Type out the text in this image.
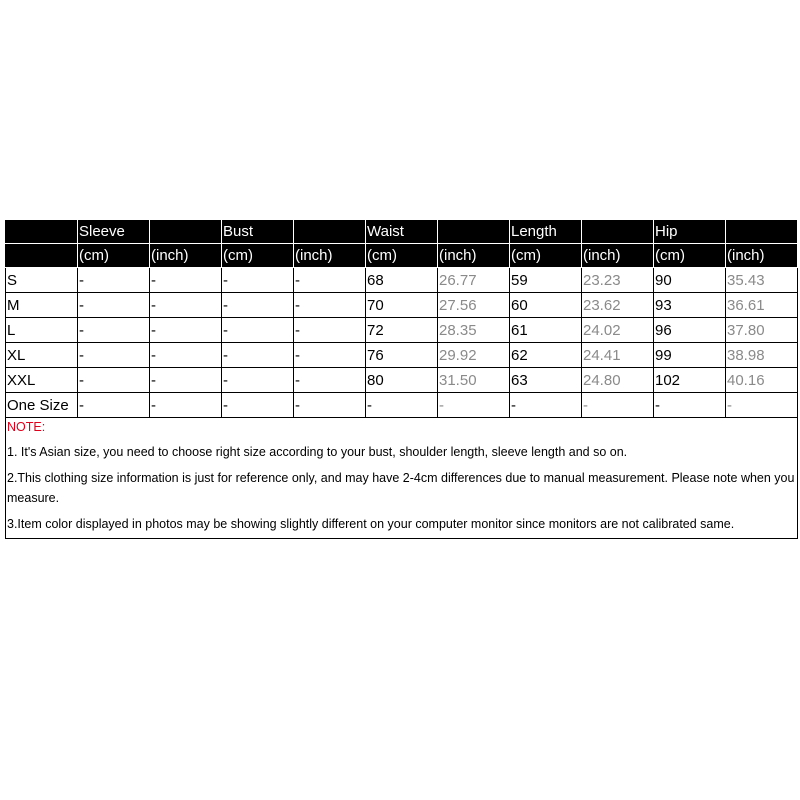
	Sleeve		Bust		Waist		Length		Hip	
	(cm)	(inch)	(cm)	(inch)	(cm)	(inch)	(cm)	(inch)	(cm)	(inch)
S	-	-	-	-	68	26.77	59	23.23	90	35.43
M	-	-	-	-	70	27.56	60	23.62	93	36.61
L	-	-	-	-	72	28.35	61	24.02	96	37.80
XL	-	-	-	-	76	29.92	62	24.41	99	38.98
XXL	-	-	-	-	80	31.50	63	24.80	102	40.16
One Size	-	-	-	-	-	-	-	-	-	-
NOTE:

1. It's Asian size, you need to choose right size according to your bust, shoulder length, sleeve length and so on.

2.This clothing size information is just for reference only, and may have 2-4cm differences due to manual measurement. Please note when you measure.

3.Item color displayed in photos may be showing slightly different on your computer monitor since monitors are not calibrated same.
